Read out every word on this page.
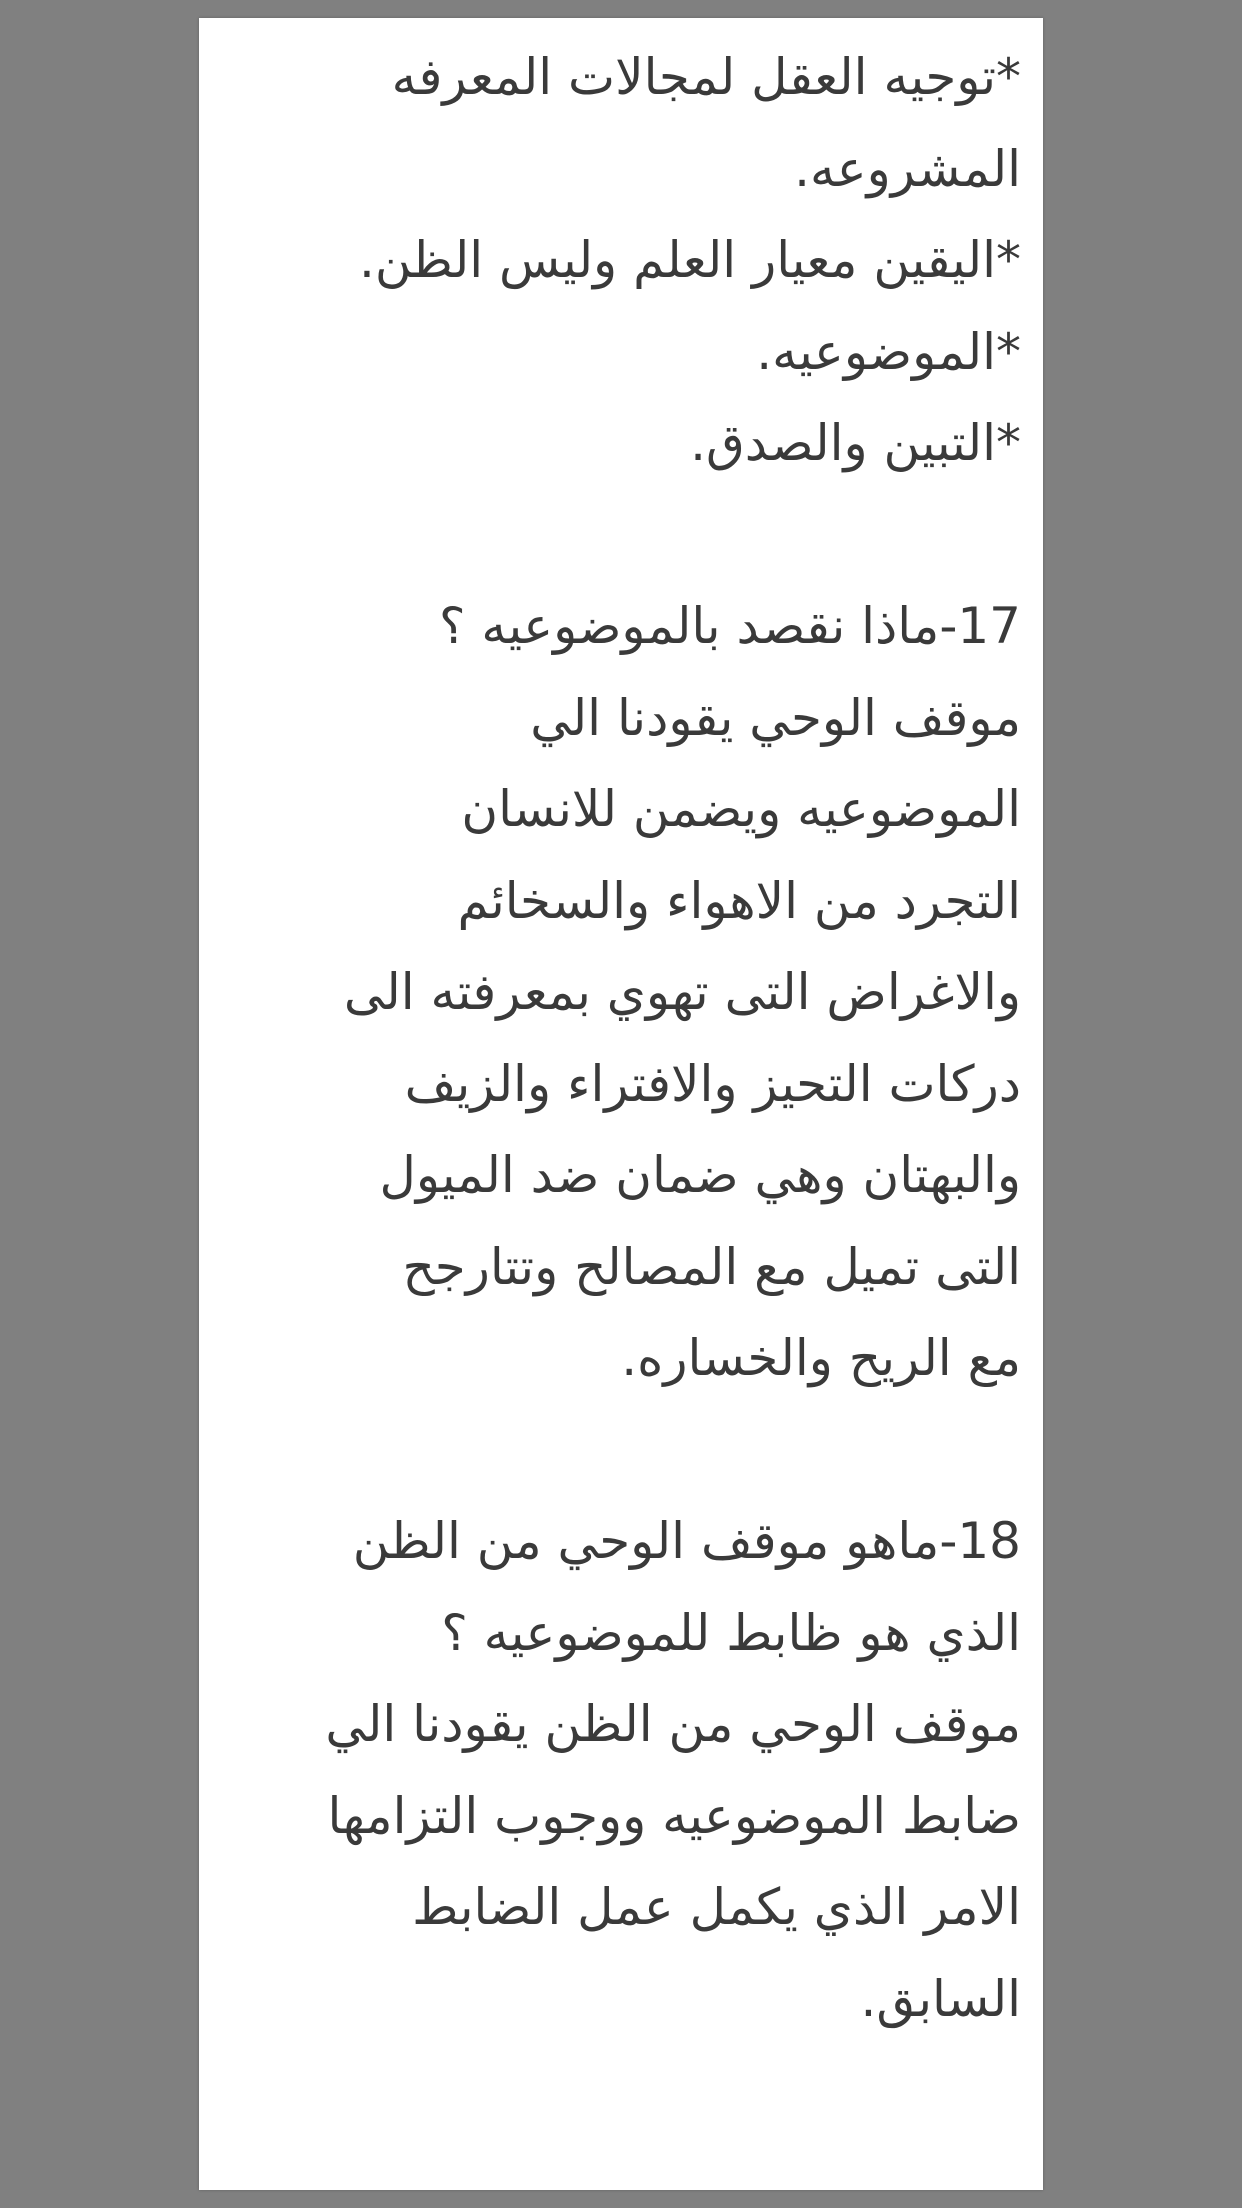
*توجيه العقل لمجالات المعرفه
المشروعه.
*اليقين معيار العلم وليس الظن.
*الموضوعيه.
*التبين والصدق.
17-ماذا نقصد بالموضوعيه ؟
موقف الوحي يقودنا الي
الموضوعيه ويضمن للانسان
التجرد من الاهواء والسخائم
والاغراض التى تهوي بمعرفته الى
دركات التحيز والافتراء والزيف
والبهتان وهي ضمان ضد الميول
التى تميل مع المصالح وتتارجح
مع الريح والخساره.
18-ماهو موقف الوحي من الظن
الذي هو ظابط للموضوعيه ؟
موقف الوحي من الظن يقودنا الي
ضابط الموضوعيه ووجوب التزامها
الامر الذي يكمل عمل الضابط
السابق.
